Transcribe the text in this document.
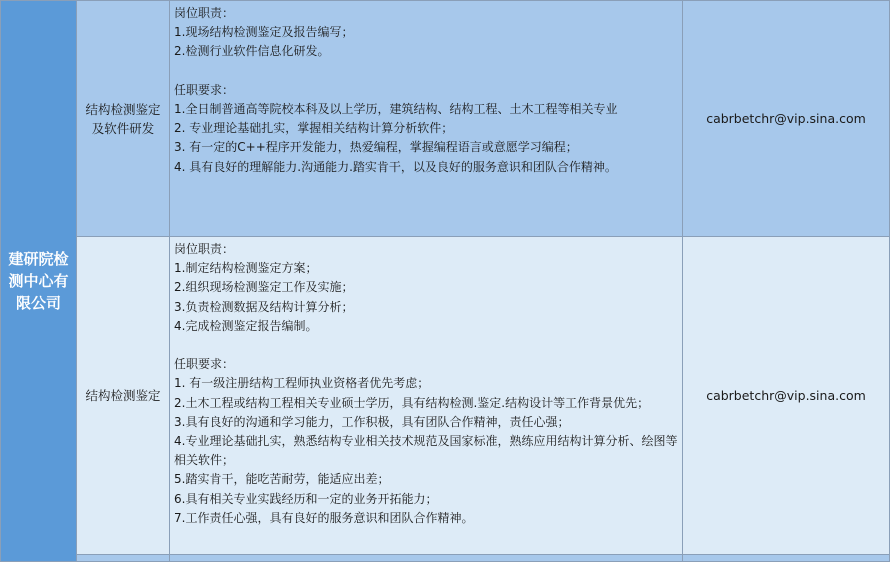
建研院检测中心有限公司
结构检测鉴定及软件研发
岗位职责：
1.现场结构检测鉴定及报告编写；
2.检测行业软件信息化研发。
任职要求：
1.全日制普通高等院校本科及以上学历，建筑结构、结构工程、土木工程等相关专业
2. 专业理论基础扎实，掌握相关结构计算分析软件；
3. 有一定的C++程序开发能力，热爱编程，掌握编程语言或意愿学习编程；
4. 具有良好的理解能力.沟通能力.踏实肯干，以及良好的服务意识和团队合作精神。
cabrbetchr@vip.sina.com
结构检测鉴定
岗位职责：
1.制定结构检测鉴定方案；
2.组织现场检测鉴定工作及实施；
3.负责检测数据及结构计算分析；
4.完成检测鉴定报告编制。
任职要求：
1. 有一级注册结构工程师执业资格者优先考虑；
2.土木工程或结构工程相关专业硕士学历，具有结构检测.鉴定.结构设计等工作背景优先；
3.具有良好的沟通和学习能力，工作积极，具有团队合作精神，责任心强；
4.专业理论基础扎实，熟悉结构专业相关技术规范及国家标准，熟练应用结构计算分析、绘图等相关软件；
5.踏实肯干，能吃苦耐劳，能适应出差；
6.具有相关专业实践经历和一定的业务开拓能力；
7.工作责任心强，具有良好的服务意识和团队合作精神。
cabrbetchr@vip.sina.com
